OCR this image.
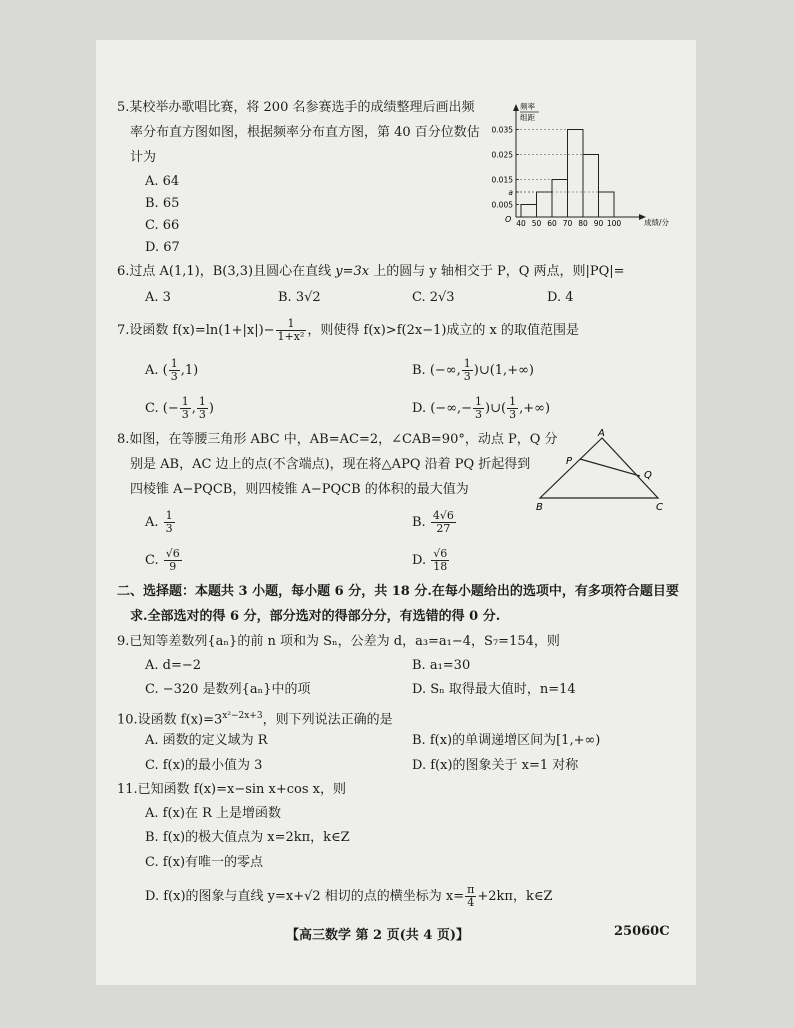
5.某校举办歌唱比赛，将 200 名参赛选手的成绩整理后画出频
率分布直方图如图，根据频率分布直方图，第 40 百分位数估
计为
A. 64
B. 65
C. 66
D. 67
频率
组距
O	成绩/分
0.035
0.025
0.015
a
0.005
40 50 60 70 80 90 100
6.过点 A(1,1)，B(3,3)且圆心在直线 y=3x 上的圆与 y 轴相交于 P，Q 两点，则|PQ|=
A. 3	B. 3√2	C. 2√3	D. 4
7.设函数 $f(x)=\ln(1+|x|)- \frac{1}{\text{1+x²}}$ ，则使得 f(x)>f(2x−1)成立的 x 的取值范围是
A. ( $\frac{1}{3} ,1$)	B. (−∞, $\frac{1}{3}$ )∪(1,+∞)
C. (− $\frac{1}{3}$ , $\frac{1}{3}$ )	D. (−∞,− $\frac{1}{3}$ )∪( $\frac{1}{3}$ ,+∞)
8.如图，在等腰三角形 ABC 中，AB=AC=2，∠CAB=90°，动点 P，Q 分
别是 AB，AC 边上的点(不含端点)，现在将△APQ 沿着 PQ 折起得到
四棱锥 A−PQCB，则四棱锥 A−PQCB 的体积的最大值为
A. $\frac{1}{3}$	B. $\frac{4√6}{27}$
C. $\frac{√6}{9}$	D. $\frac{√6}{18}$
A
P
Q
B	C
二、选择题：本题共 3 小题，每小题 6 分，共 18 分.在每小题给出的选项中，有多项符合题目要
求.全部选对的得 6 分，部分选对的得部分分，有选错的得 0 分.
9.已知等差数列{aₙ}的前 n 项和为 Sₙ，公差为 d，a₃=a₁−4，S₇=154，则
A. d=−2	B. a₁=30
C. −320 是数列{aₙ}中的项	D. Sₙ 取得最大值时，n=14
10.设函数 $f(x)=3^{x^2-2x+3}$，则下列说法正确的是
A. 函数的定义域为 R	B. f(x)的单调递增区间为[1,+∞)
C. f(x)的最小值为 3	D. f(x)的图象关于 x=1 对称
11.已知函数 f(x)=x−sin x+cos x，则
A. f(x)在 R 上是增函数
B. f(x)的极大值点为 x=2kπ，k∈Z
C. f(x)有唯一的零点
D. f(x)的图象与直线 y=x+√2 相切的点的横坐标为 $x= \frac{\pi}{4} +2k\pi$，k∈Z
【高三数学 第 2 页(共 4 页)】	25060C
